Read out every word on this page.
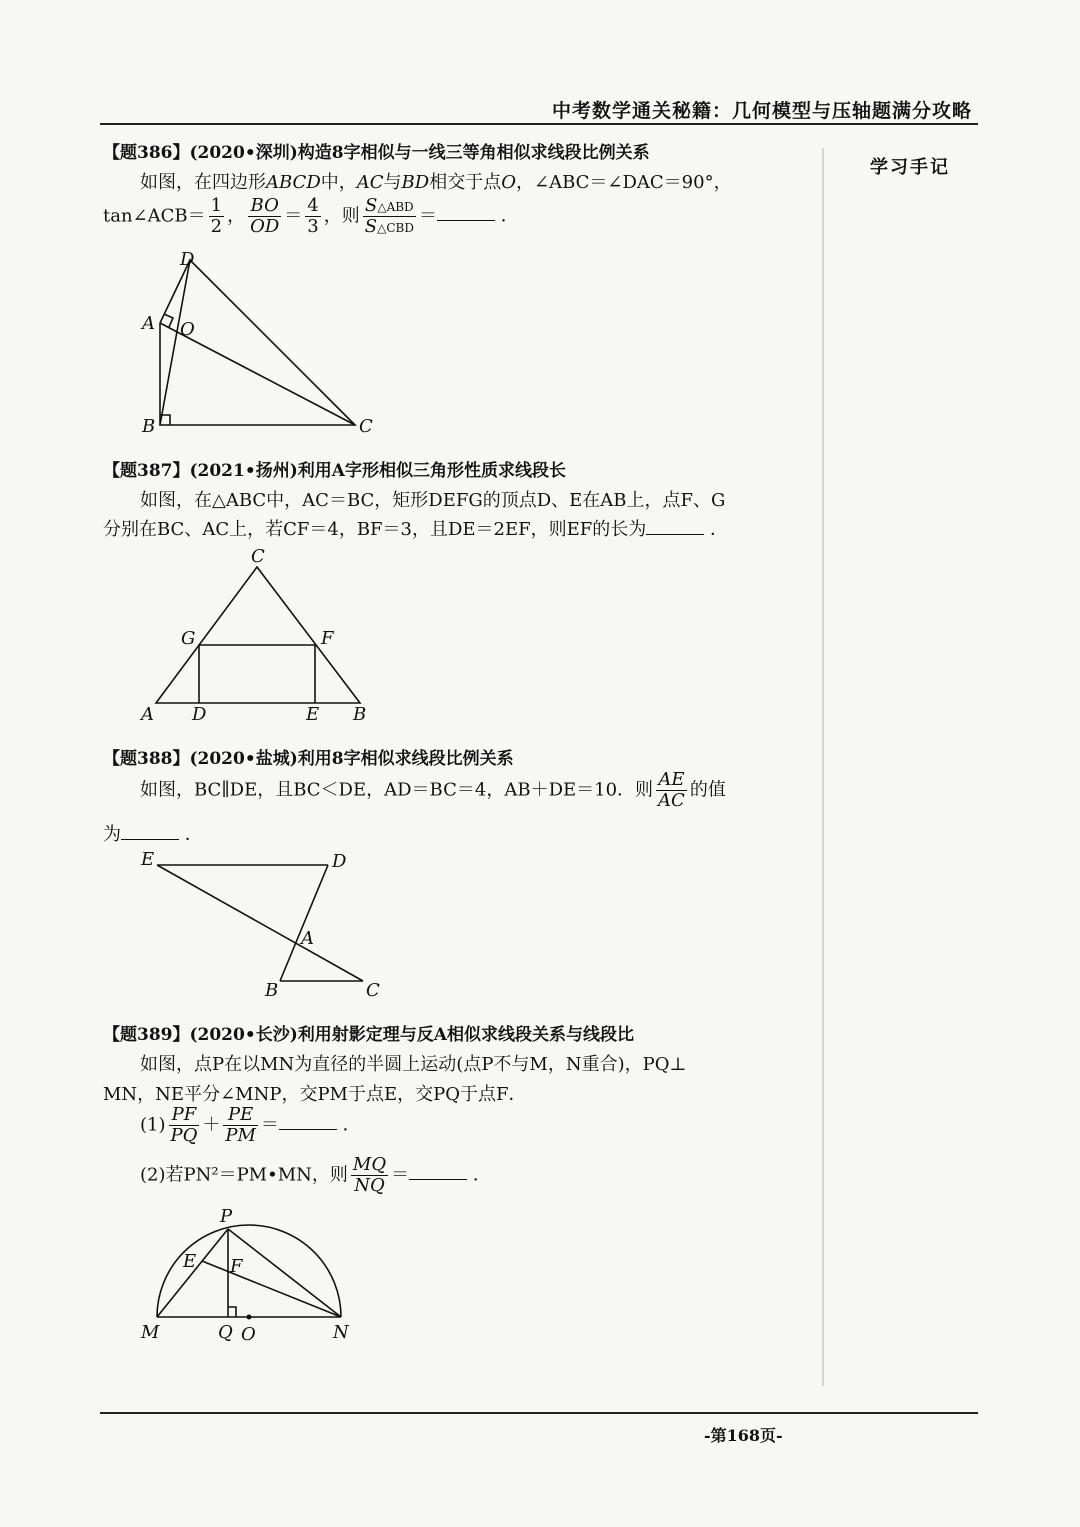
中考数学通关秘籍：几何模型与压轴题满分攻略
学习手记
【题386】(2020•深圳)构造8字相似与一线三等角相似求线段比例关系
如图，在四边形ABCD中，AC与BD相交于点O，∠ABC＝∠DAC＝90°，
tan∠ACB＝ $\frac{1}{2}$ ， $\frac{BO}{OD} = \frac{4}{3}$ ，则 $\frac{\text{S△ABD}}{\text{S△CBD}}$ ＝	．
D
A O
B	C
【题387】(2021•扬州)利用A字形相似三角形性质求线段长
如图，在△ABC中，AC＝BC，矩形DEFG的顶点D、E在AB上，点F、G
分别在BC、AC上，若CF＝4，BF＝3，且DE＝2EF，则EF的长为	．
C
G	F
A D	E B
【题388】(2020•盐城)利用8字相似求线段比例关系
如图，BC∥DE，且BC＜DE，AD＝BC＝4，AB＋DE＝10．则 $\frac{AE}{AC}$ 的值
为	．
E	D
A
B	C
【题389】(2020•长沙)利用射影定理与反A相似求线段关系与线段比
如图，点P在以MN为直径的半圆上运动(点P不与M，N重合)，PQ⊥
MN，NE平分∠MNP，交PM于点E，交PQ于点F．
$(1) \frac{PF}{PQ} + \frac{PE}{PM}$ ＝	．
(2)若PN²＝PM•MN，则 $\frac{MQ}{NQ}$ ＝	．
P
E F
M	Q O	N
-第168页-
